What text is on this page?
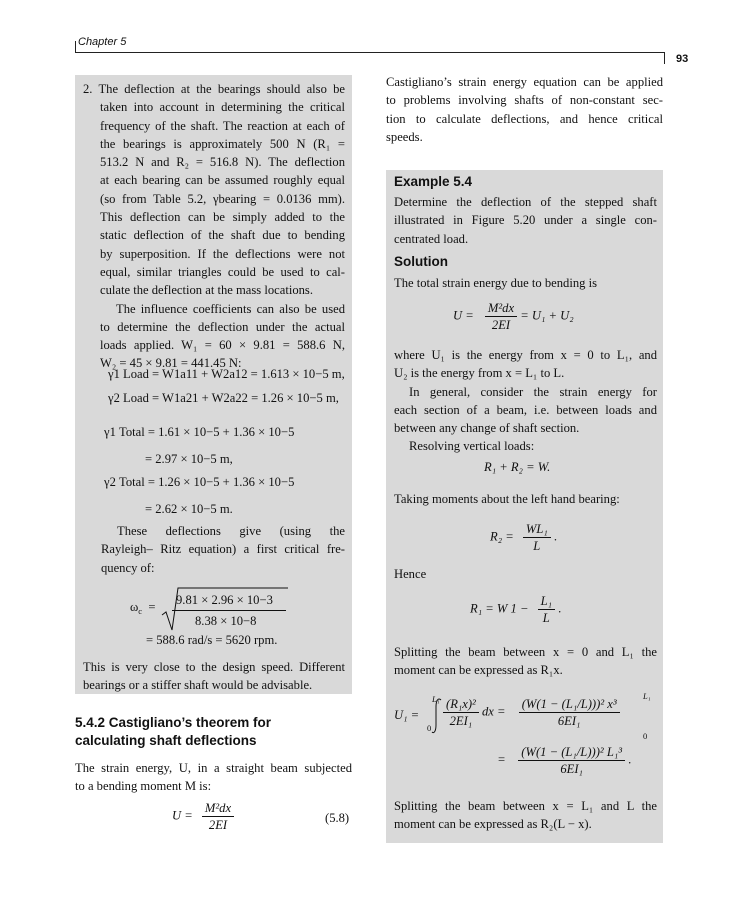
Chapter 5
93
2. The deflection at the bearings should also be
taken into account in determining the critical
frequency of the shaft. The reaction at each of
the bearings is approximately 500 N (R₁ =
513.2 N and R₂ = 516.8 N). The deflection
at each bearing can be assumed roughly equal
(so from Table 5.2, γbearing = 0.0136 mm).
This deflection can be simply added to the
static deflection of the shaft due to bending
by superposition. If the deflections were not
equal, similar triangles could be used to cal-
culate the deflection at the mass locations.
The influence coefficients can also be used
to determine the deflection under the actual
loads applied. W₁ = 60 × 9.81 = 588.6 N,
W₂ = 45 × 9.81 = 441.45 N:
γ1 Load = W1a11 + W2a12 = 1.613 × 10−5 m,
γ2 Load = W1a21 + W2a22 = 1.26 × 10−5 m,
γ1 Total = 1.61 × 10−5 + 1.36 × 10−5
= 2.97 × 10−5 m,
γ2 Total = 1.26 × 10−5 + 1.36 × 10−5
= 2.62 × 10−5 m.
These deflections give (using the
Rayleigh– Ritz equation) a first critical fre-
quency of:
$\omega_c = 9.81 \times 2.96 \times 10-3$
8.38 × 10−8
= 588.6 rad/s = 5620 rpm.
This is very close to the design speed. Different
bearings or a stiffer shaft would be advisable.
5.4.2 Castigliano’s theorem for
calculating shaft deflections
The strain energy, U, in a straight beam subjected
to a bending moment M is:
$U = \frac{\text{M²dx}}{2EI}$	(5.8)
Castigliano’s strain energy equation can be applied
to problems involving shafts of non-constant sec-
tion to calculate deflections, and hence critical
speeds.
Example 5.4
Determine the deflection of the stepped shaft
illustrated in Figure 5.20 under a single con-
centrated load.
Solution
The total strain energy due to bending is
$U = \frac{\text{M²dx}}{2EI} = U_1 + U_2$
where U₁ is the energy from x = 0 to L₁, and
U₂ is the energy from x = L₁ to L.
In general, consider the strain energy for
each section of a beam, i.e. between loads and
between any change of shaft section.
Resolving vertical loads:
R₁ + R₂ = W.
Taking moments about the left hand bearing:
$R_2 = \frac{\text{WL₁}}{L}$ .
Hence
R₁ = W $1 - \frac{\text{L₁}}{L}$ .
Splitting the beam between x = 0 and L₁ the
moment can be expressed as R₁x.
U₁ =
L₁
$0 \frac{\text{(R₁x)²}}{\text{2EI₁}}$ dx = $\frac{\text{(W(1 − (L₁/L)))² x³}}{\text{6EI₁}}$	L₁
0
= $\frac{\text{(W(1 − (L₁/L)))² L₁³}}{\text{6EI₁}}$ .
Splitting the beam between x = L₁ and L the
moment can be expressed as R₂(L − x).
